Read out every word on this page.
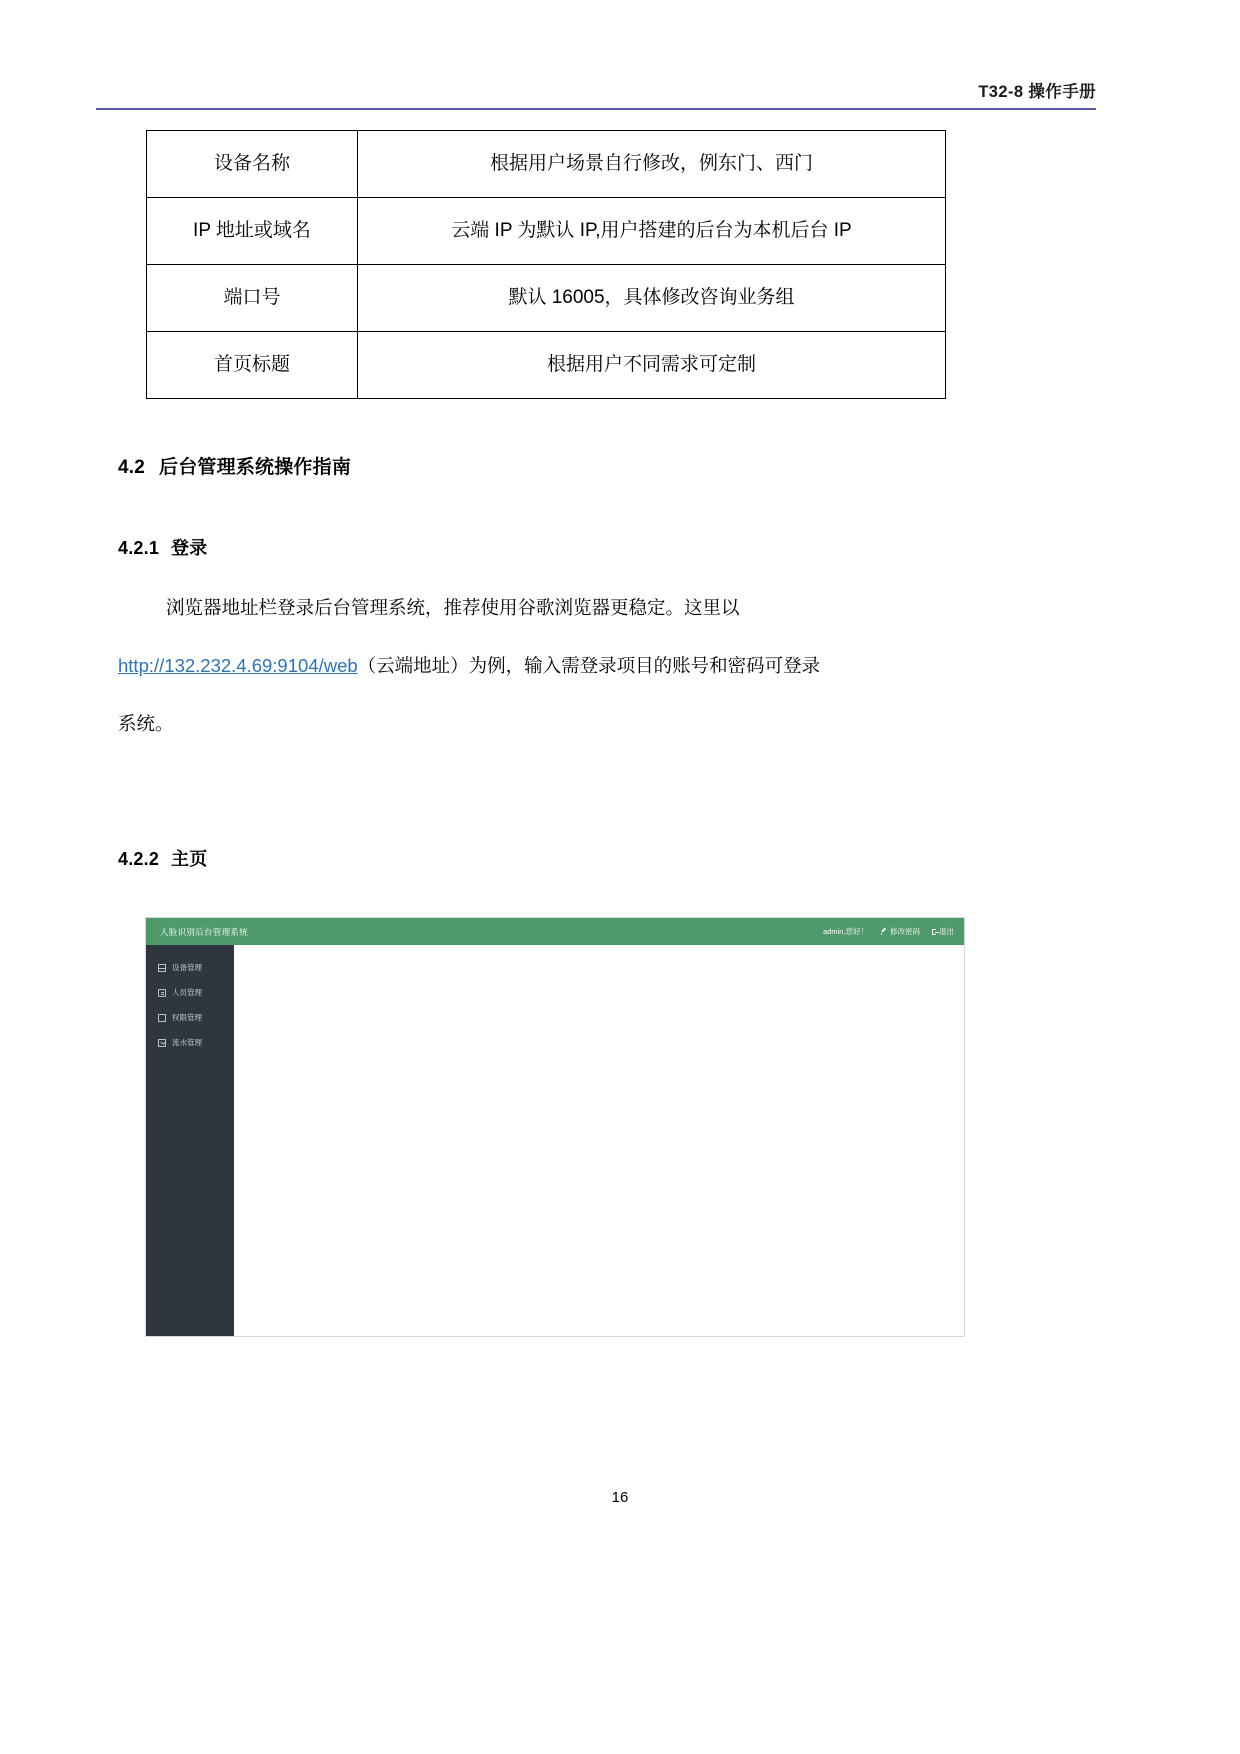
T32-8 操作手册
设备名称	根据用户场景自行修改，例东门、西门
IP 地址或域名	云端 IP 为默认 IP,用户搭建的后台为本机后台 IP
端口号	默认 16005，具体修改咨询业务组
首页标题	根据用户不同需求可定制
4.2 后台管理系统操作指南
4.2.1 登录
浏览器地址栏登录后台管理系统，推荐使用谷歌浏览器更稳定。这里以
http://132.232.4.69:9104/web（云端地址）为例，输入需登录项目的账号和密码可登录
系统。
4.2.2 主页
人脸识别后台管理系统	admin,您好！	修改密码	退出
设备管理
人员管理
权限管理
流水管理
16
